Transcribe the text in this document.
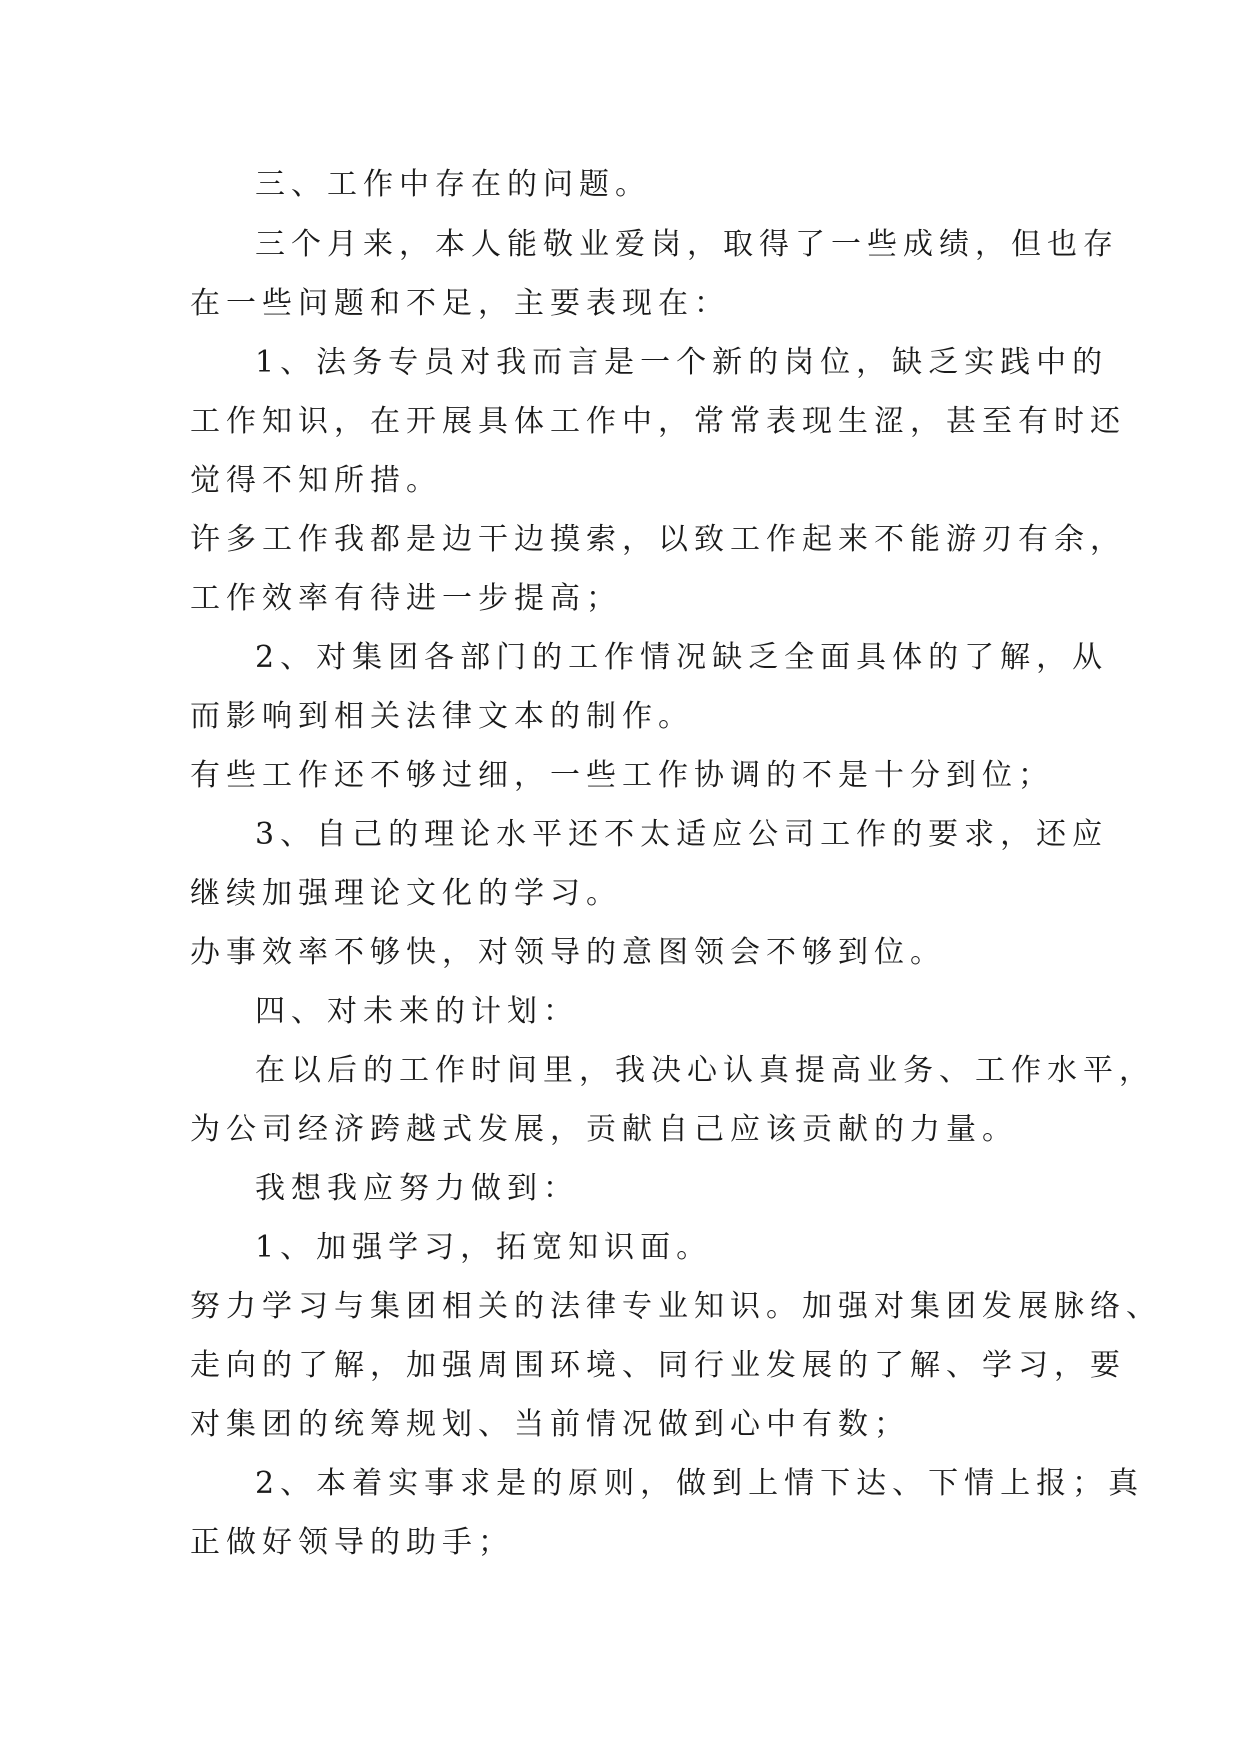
三、工作中存在的问题。
三个月来，本人能敬业爱岗，取得了一些成绩，但也存
在一些问题和不足，主要表现在：
1、法务专员对我而言是一个新的岗位，缺乏实践中的
工作知识，在开展具体工作中，常常表现生涩，甚至有时还
觉得不知所措。
许多工作我都是边干边摸索，以致工作起来不能游刃有余，
工作效率有待进一步提高；
2、对集团各部门的工作情况缺乏全面具体的了解，从
而影响到相关法律文本的制作。
有些工作还不够过细，一些工作协调的不是十分到位；
3、自己的理论水平还不太适应公司工作的要求，还应
继续加强理论文化的学习。
办事效率不够快，对领导的意图领会不够到位。
四、对未来的计划：
在以后的工作时间里，我决心认真提高业务、工作水平，
为公司经济跨越式发展，贡献自己应该贡献的力量。
我想我应努力做到：
1、加强学习，拓宽知识面。
努力学习与集团相关的法律专业知识。加强对集团发展脉络、
走向的了解，加强周围环境、同行业发展的了解、学习，要
对集团的统筹规划、当前情况做到心中有数；
2、本着实事求是的原则，做到上情下达、下情上报；真
正做好领导的助手；
